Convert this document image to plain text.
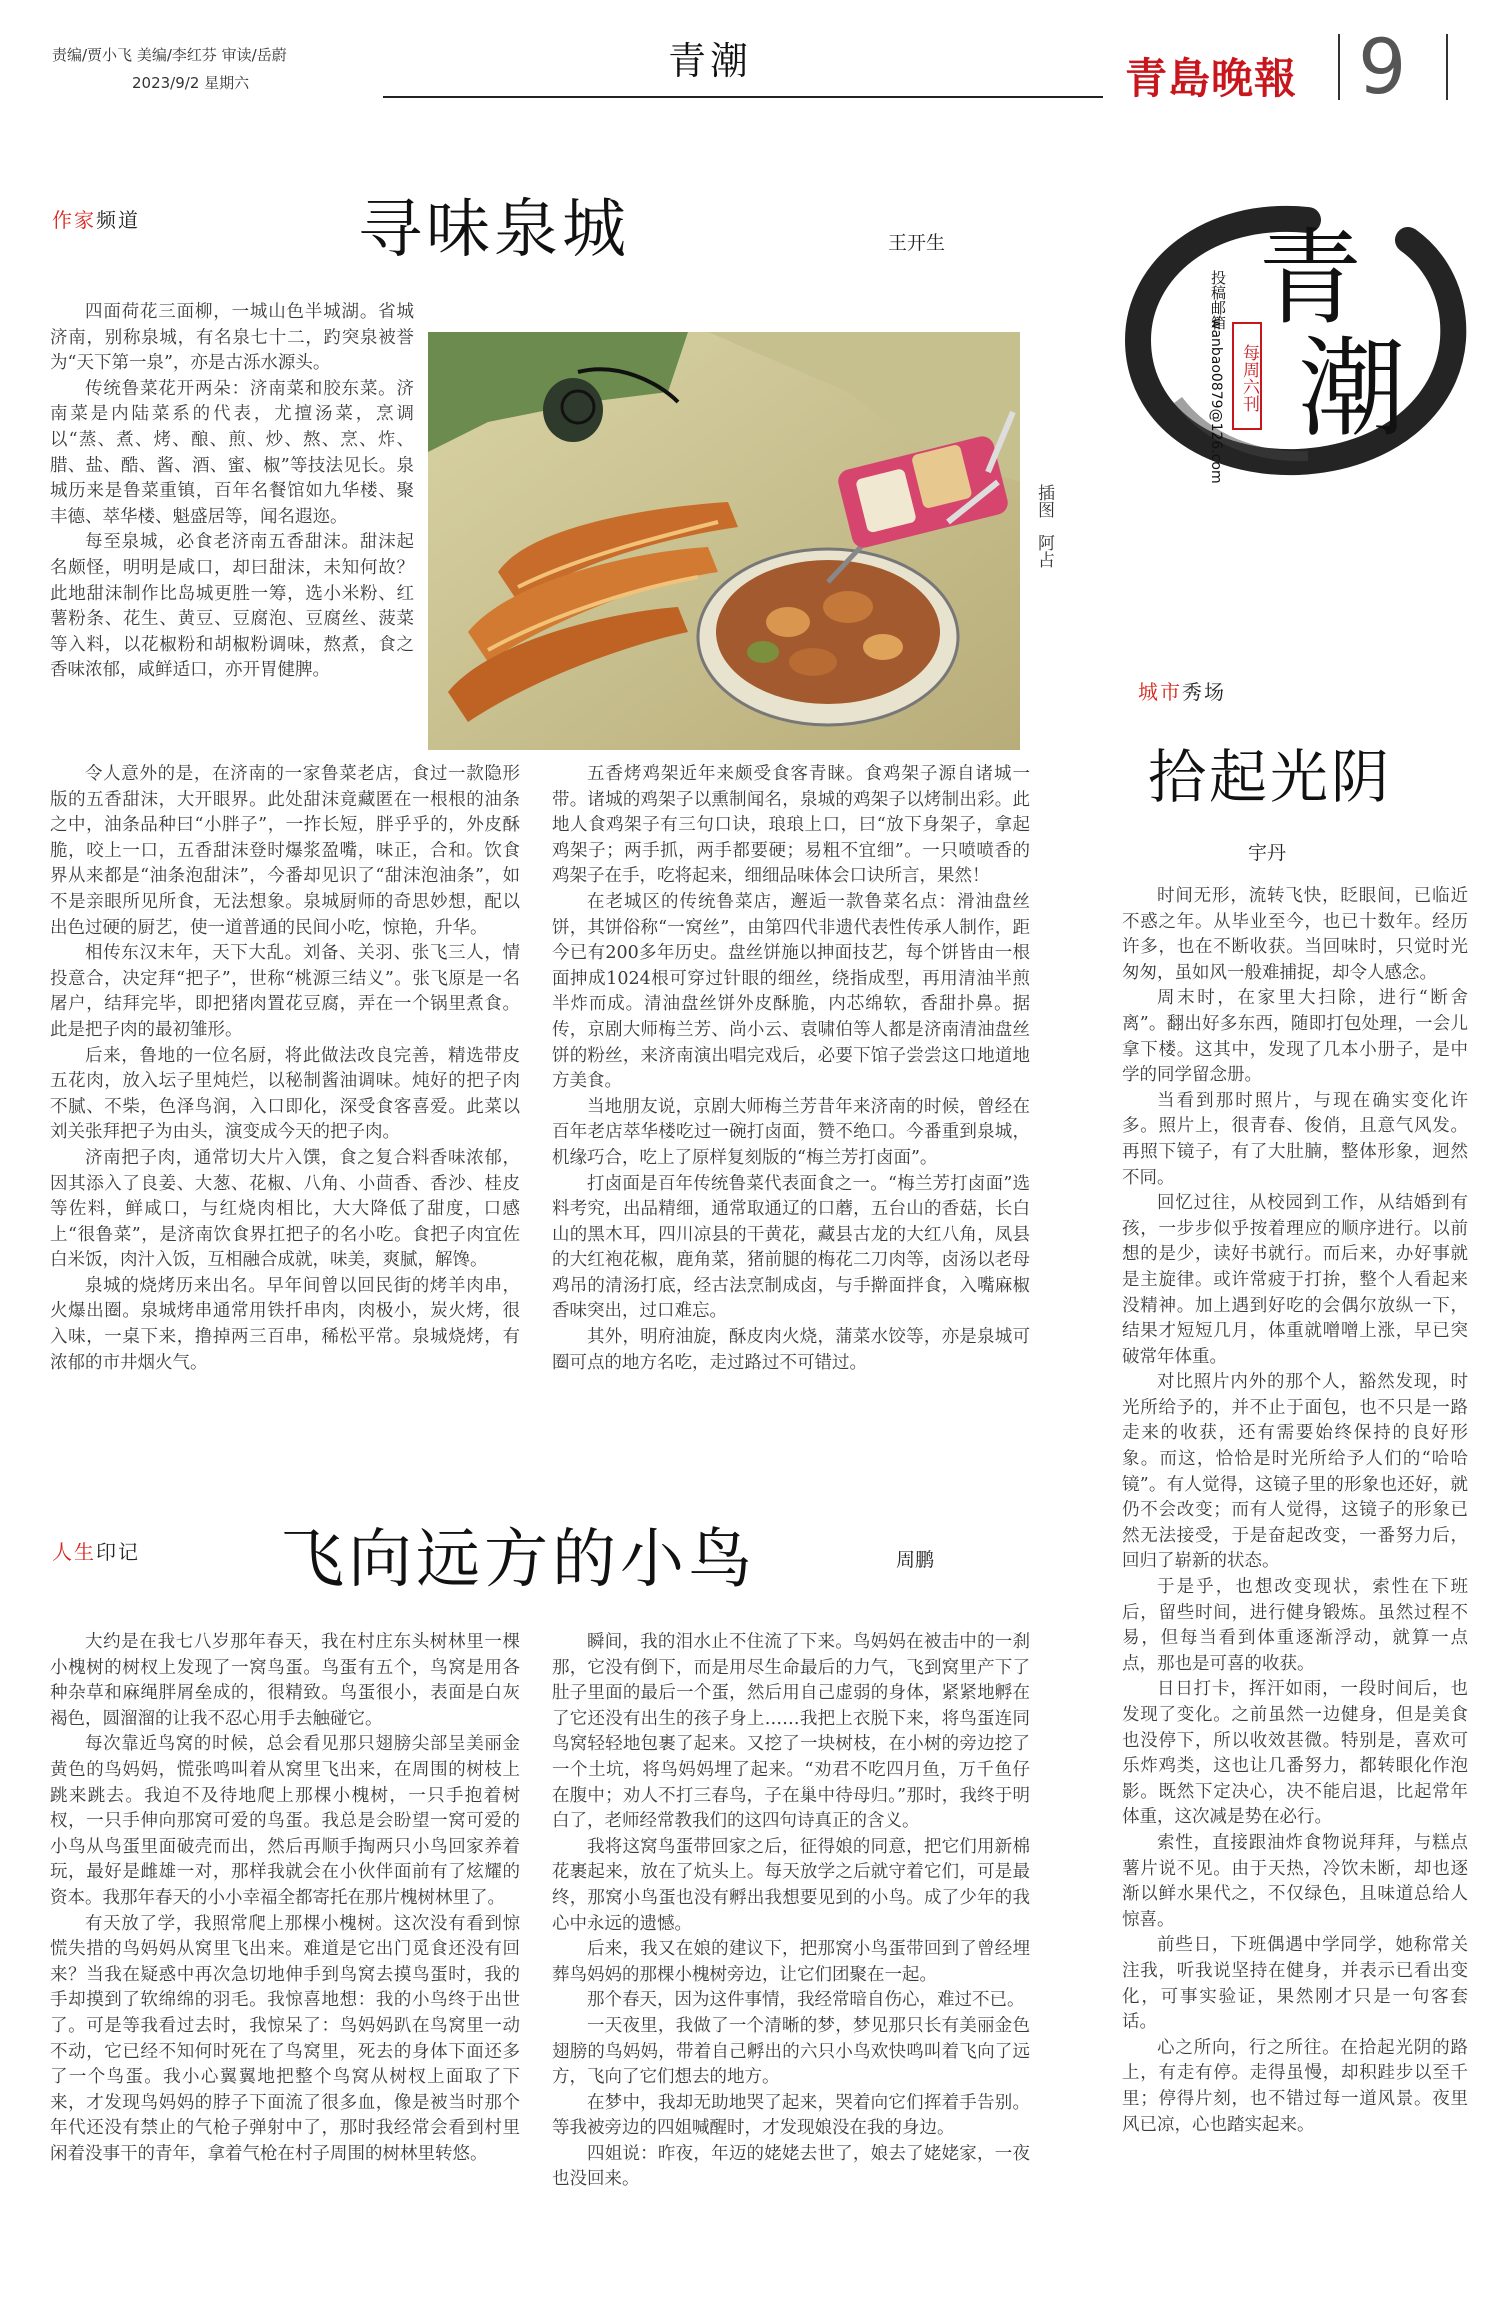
责编/贾小飞 美编/李红芬 审读/岳蔚
2023/9/2 星期六	青潮	青島晚報 9
青
潮
每周六刊
投稿邮箱
wanbao0879@126.com
作家频道	寻味泉城	王开生
插图
阿占

四面荷花三面柳，一城山色半城湖。省城济南，别称泉城，有名泉七十二，趵突泉被誉为“天下第一泉”，亦是古泺水源头。

传统鲁菜花开两朵：济南菜和胶东菜。济南菜是内陆菜系的代表，尤擅汤菜，烹调以“蒸、煮、烤、酿、煎、炒、熬、烹、炸、腊、盐、酷、酱、酒、蜜、椒”等技法见长。泉城历来是鲁菜重镇，百年名餐馆如九华楼、聚丰德、萃华楼、魁盛居等，闻名遐迩。

每至泉城，必食老济南五香甜沫。甜沫起名颇怪，明明是咸口，却曰甜沫，未知何故？此地甜沫制作比岛城更胜一筹，选小米粉、红薯粉条、花生、黄豆、豆腐泡、豆腐丝、菠菜等入料，以花椒粉和胡椒粉调味，熬煮，食之香味浓郁，咸鲜适口，亦开胃健脾。

令人意外的是，在济南的一家鲁菜老店，食过一款隐形版的五香甜沫，大开眼界。此处甜沫竟藏匿在一根根的油条之中，油条品种曰“小胖子”，一拃长短，胖乎乎的，外皮酥脆，咬上一口，五香甜沫登时爆浆盈嘴，味正，合和。饮食界从来都是“油条泡甜沫”，今番却见识了“甜沫泡油条”，如不是亲眼所见所食，无法想象。泉城厨师的奇思妙想，配以出色过硬的厨艺，使一道普通的民间小吃，惊艳，升华。

相传东汉末年，天下大乱。刘备、关羽、张飞三人，情投意合，决定拜“把子”，世称“桃源三结义”。张飞原是一名屠户，结拜完毕，即把猪肉置花豆腐，弄在一个锅里煮食。此是把子肉的最初雏形。

后来，鲁地的一位名厨，将此做法改良完善，精选带皮五花肉，放入坛子里炖烂，以秘制酱油调味。炖好的把子肉不腻、不柴，色泽鸟润，入口即化，深受食客喜爱。此菜以刘关张拜把子为由头，演变成今天的把子肉。

济南把子肉，通常切大片入馔，食之复合料香味浓郁，因其添入了良姜、大葱、花椒、八角、小茴香、香沙、桂皮等佐料，鲜咸口，与红烧肉相比，大大降低了甜度，口感上“很鲁菜”，是济南饮食界扛把子的名小吃。食把子肉宜佐白米饭，肉汁入饭，互相融合成就，味美，爽腻，解馋。

泉城的烧烤历来出名。早年间曾以回民街的烤羊肉串，火爆出圈。泉城烤串通常用铁扦串肉，肉极小，炭火烤，很入味，一桌下来，撸掉两三百串，稀松平常。泉城烧烤，有浓郁的市井烟火气。

五香烤鸡架近年来颇受食客青睐。食鸡架子源自诸城一带。诸城的鸡架子以熏制闻名，泉城的鸡架子以烤制出彩。此地人食鸡架子有三句口诀，琅琅上口，曰“放下身架子，拿起鸡架子；两手抓，两手都要硬；易粗不宜细”。一只喷喷香的鸡架子在手，吃将起来，细细品味体会口诀所言，果然！

在老城区的传统鲁菜店，邂逅一款鲁菜名点：滑油盘丝饼，其饼俗称“一窝丝”，由第四代非遗代表性传承人制作，距今已有200多年历史。盘丝饼施以抻面技艺，每个饼皆由一根面抻成1024根可穿过针眼的细丝，绕指成型，再用清油半煎半炸而成。清油盘丝饼外皮酥脆，内芯绵软，香甜扑鼻。据传，京剧大师梅兰芳、尚小云、袁啸伯等人都是济南清油盘丝饼的粉丝，来济南演出唱完戏后，必要下馆子尝尝这口地道地方美食。

当地朋友说，京剧大师梅兰芳昔年来济南的时候，曾经在百年老店萃华楼吃过一碗打卤面，赞不绝口。今番重到泉城，机缘巧合，吃上了原样复刻版的“梅兰芳打卤面”。

打卤面是百年传统鲁菜代表面食之一。“梅兰芳打卤面”选料考究，出品精细，通常取通辽的口蘑，五台山的香菇，长白山的黑木耳，四川凉县的干黄花，藏县古龙的大红八角，凤县的大红袍花椒，鹿角菜，猪前腿的梅花二刀肉等，卤汤以老母鸡吊的清汤打底，经古法烹制成卤，与手擀面拌食，入嘴麻椒香味突出，过口难忘。

其外，明府油旋，酥皮肉火烧，蒲菜水饺等，亦是泉城可圈可点的地方名吃，走过路过不可错过。

人生印记 飞向远方的小鸟	周鹏

大约是在我七八岁那年春天，我在村庄东头树林里一棵小槐树的树杈上发现了一窝鸟蛋。鸟蛋有五个，鸟窝是用各种杂草和麻绳胖屑垒成的，很精致。鸟蛋很小，表面是白灰褐色，圆溜溜的让我不忍心用手去触碰它。

每次靠近鸟窝的时候，总会看见那只翅膀尖部呈美丽金黄色的鸟妈妈，慌张鸣叫着从窝里飞出来，在周围的树枝上跳来跳去。我迫不及待地爬上那棵小槐树，一只手抱着树杈，一只手伸向那窝可爱的鸟蛋。我总是会盼望一窝可爱的小鸟从鸟蛋里面破壳而出，然后再顺手掏两只小鸟回家养着玩，最好是雌雄一对，那样我就会在小伙伴面前有了炫耀的资本。我那年春天的小小幸福全都寄托在那片槐树林里了。

有天放了学，我照常爬上那棵小槐树。这次没有看到惊慌失措的鸟妈妈从窝里飞出来。难道是它出门觅食还没有回来？当我在疑惑中再次急切地伸手到鸟窝去摸鸟蛋时，我的手却摸到了软绵绵的羽毛。我惊喜地想：我的小鸟终于出世了。可是等我看过去时，我惊呆了：鸟妈妈趴在鸟窝里一动不动，它已经不知何时死在了鸟窝里，死去的身体下面还多了一个鸟蛋。我小心翼翼地把整个鸟窝从树杈上面取了下来，才发现鸟妈妈的脖子下面流了很多血，像是被当时那个年代还没有禁止的气枪子弹射中了，那时我经常会看到村里闲着没事干的青年，拿着气枪在村子周围的树林里转悠。

瞬间，我的泪水止不住流了下来。鸟妈妈在被击中的一刹那，它没有倒下，而是用尽生命最后的力气，飞到窝里产下了肚子里面的最后一个蛋，然后用自己虚弱的身体，紧紧地孵在了它还没有出生的孩子身上……我把上衣脱下来，将鸟蛋连同鸟窝轻轻地包裹了起来。又挖了一块树枝，在小树的旁边挖了一个土坑，将鸟妈妈埋了起来。“劝君不吃四月鱼，万千鱼仔在腹中；劝人不打三春鸟，子在巢中待母归。”那时，我终于明白了，老师经常教我们的这四句诗真正的含义。

我将这窝鸟蛋带回家之后，征得娘的同意，把它们用新棉花裹起来，放在了炕头上。每天放学之后就守着它们，可是最终，那窝小鸟蛋也没有孵出我想要见到的小鸟。成了少年的我心中永远的遗憾。

后来，我又在娘的建议下，把那窝小鸟蛋带回到了曾经埋葬鸟妈妈的那棵小槐树旁边，让它们团聚在一起。

那个春天，因为这件事情，我经常暗自伤心，难过不已。

一天夜里，我做了一个清晰的梦，梦见那只长有美丽金色翅膀的鸟妈妈，带着自己孵出的六只小鸟欢快鸣叫着飞向了远方，飞向了它们想去的地方。

在梦中，我却无助地哭了起来，哭着向它们挥着手告别。等我被旁边的四姐喊醒时，才发现娘没在我的身边。

四姐说：昨夜，年迈的姥姥去世了，娘去了姥姥家，一夜也没回来。

城市秀场
拾起光阴
宇丹

时间无形，流转飞快，眨眼间，已临近不惑之年。从毕业至今，也已十数年。经历许多，也在不断收获。当回味时，只觉时光匆匆，虽如风一般难捕捉，却令人感念。

周末时，在家里大扫除，进行“断舍离”。翻出好多东西，随即打包处理，一会儿拿下楼。这其中，发现了几本小册子，是中学的同学留念册。

当看到那时照片，与现在确实变化许多。照片上，很青春、俊俏，且意气风发。再照下镜子，有了大肚腩，整体形象，迥然不同。

回忆过往，从校园到工作，从结婚到有孩，一步步似乎按着理应的顺序进行。以前想的是少，读好书就行。而后来，办好事就是主旋律。或许常疲于打拚，整个人看起来没精神。加上遇到好吃的会偶尔放纵一下，结果才短短几月，体重就噌噌上涨，早已突破常年体重。

对比照片内外的那个人，豁然发现，时光所给予的，并不止于面包，也不只是一路走来的收获，还有需要始终保持的良好形象。而这，恰恰是时光所给予人们的“哈哈镜”。有人觉得，这镜子里的形象也还好，就仍不会改变；而有人觉得，这镜子的形象已然无法接受，于是奋起改变，一番努力后，回归了崭新的状态。

于是乎，也想改变现状，索性在下班后，留些时间，进行健身锻炼。虽然过程不易，但每当看到体重逐渐浮动，就算一点点，那也是可喜的收获。

日日打卡，挥汗如雨，一段时间后，也发现了变化。之前虽然一边健身，但是美食也没停下，所以收效甚微。特别是，喜欢可乐炸鸡类，这也让几番努力，都转眼化作泡影。既然下定决心，决不能启退，比起常年体重，这次减是势在必行。

索性，直接跟油炸食物说拜拜，与糕点薯片说不见。由于天热，冷饮未断，却也逐渐以鲜水果代之，不仅绿色，且味道总给人惊喜。

前些日，下班偶遇中学同学，她称常关注我，听我说坚持在健身，并表示已看出变化，可事实验证，果然刚才只是一句客套话。

心之所向，行之所往。在拾起光阴的路上，有走有停。走得虽慢，却积跬步以至千里；停得片刻，也不错过每一道风景。夜里风已凉，心也踏实起来。
